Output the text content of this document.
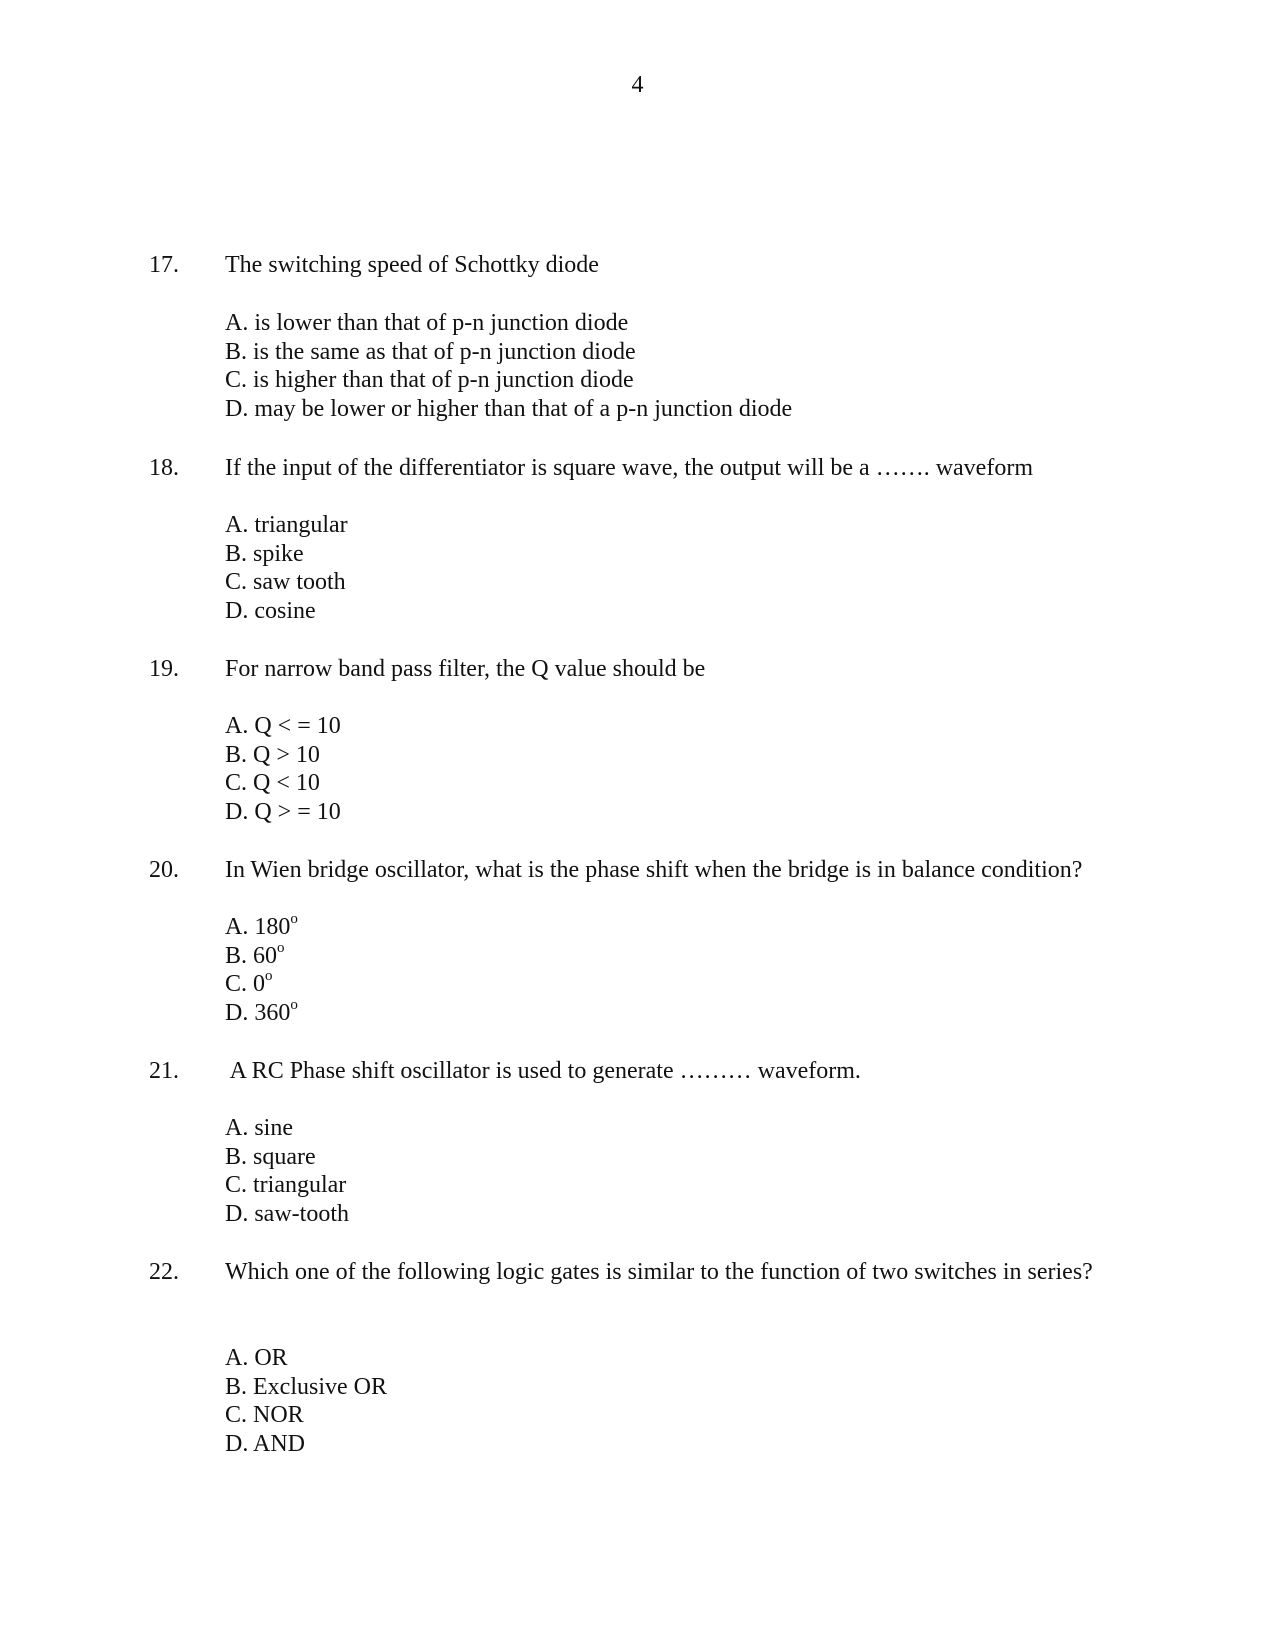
4
17. The switching speed of Schottky diode
A. is lower than that of p-n junction diode
B. is the same as that of p-n junction diode
C. is higher than that of p-n junction diode
D. may be lower or higher than that of a p-n junction diode
18. If the input of the differentiator is square wave, the output will be a ……. waveform
A. triangular
B. spike
C. saw tooth
D. cosine
19. For narrow band pass filter, the Q value should be
A. Q < = 10
B. Q > 10
C. Q < 10
D. Q > = 10
20. In Wien bridge oscillator, what is the phase shift when the bridge is in balance condition?
A. 180$^o$
B. 60$^o$
C. 0$^o$
D. 360$^o$
21. A RC Phase shift oscillator is used to generate ……… waveform.
A. sine
B. square
C. triangular
D. saw-tooth
22. Which one of the following logic gates is similar to the function of two switches in series?
A. OR
B. Exclusive OR
C. NOR
D. AND
